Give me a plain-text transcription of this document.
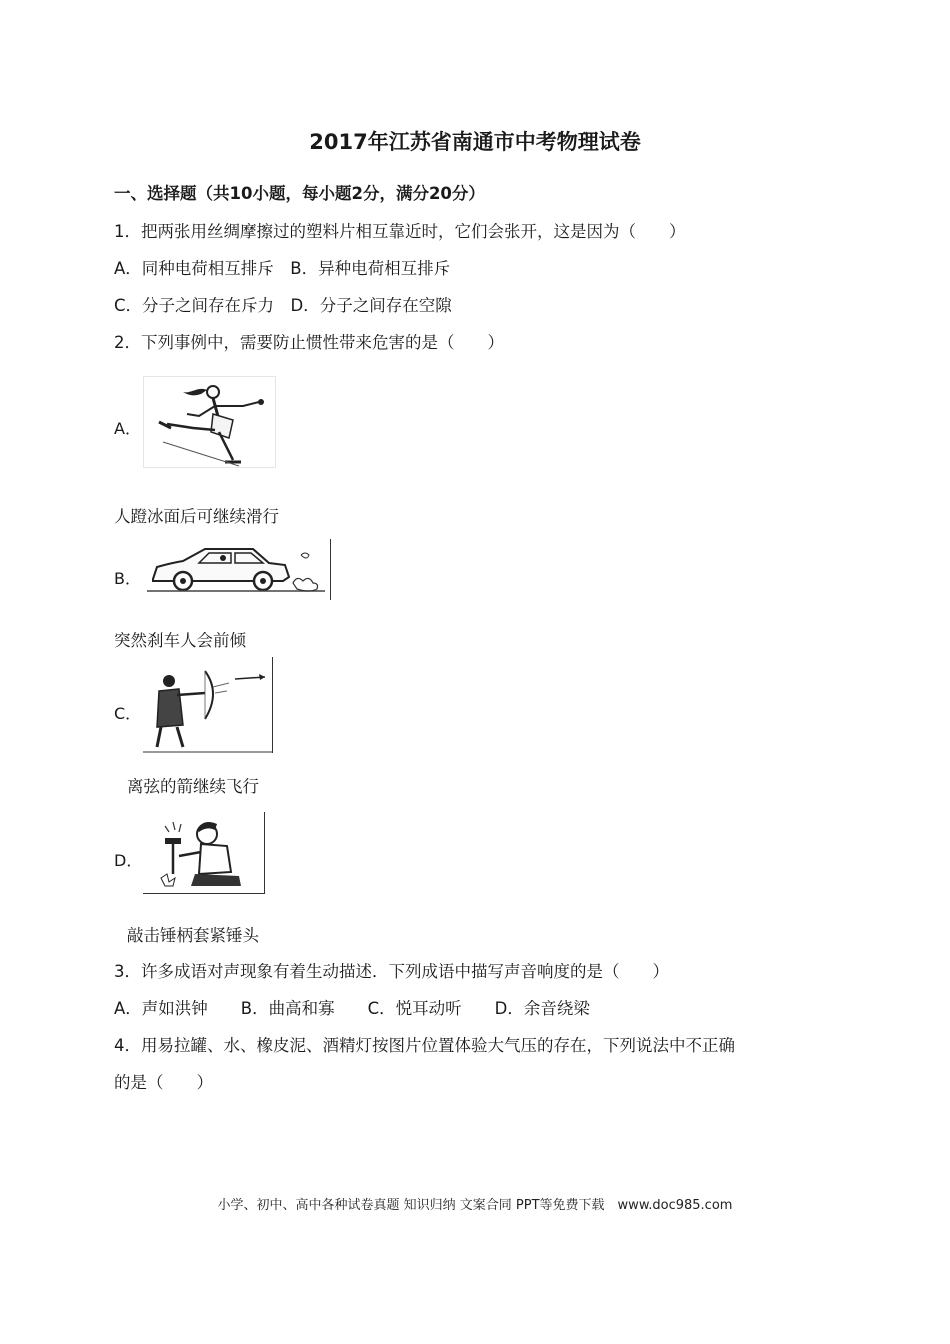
2017年江苏省南通市中考物理试卷
一、选择题（共10小题，每小题2分，满分20分）
1．把两张用丝绸摩擦过的塑料片相互靠近时，它们会张开，这是因为（　　）
A．同种电荷相互排斥　B．异种电荷相互排斥
C．分子之间存在斥力　D．分子之间存在空隙
2．下列事例中，需要防止惯性带来危害的是（　　）
A．
人蹬冰面后可继续滑行
B．
突然刹车人会前倾
C．
离弦的箭继续飞行
D．
敲击锤柄套紧锤头
3．许多成语对声现象有着生动描述．下列成语中描写声音响度的是（　　）
A．声如洪钟　　B．曲高和寡　　C．悦耳动听　　D．余音绕梁
4．用易拉罐、水、橡皮泥、酒精灯按图片位置体验大气压的存在，下列说法中不正确
的是（　　）
小学、初中、高中各种试卷真题 知识归纳 文案合同 PPT等免费下载　www.doc985.com
